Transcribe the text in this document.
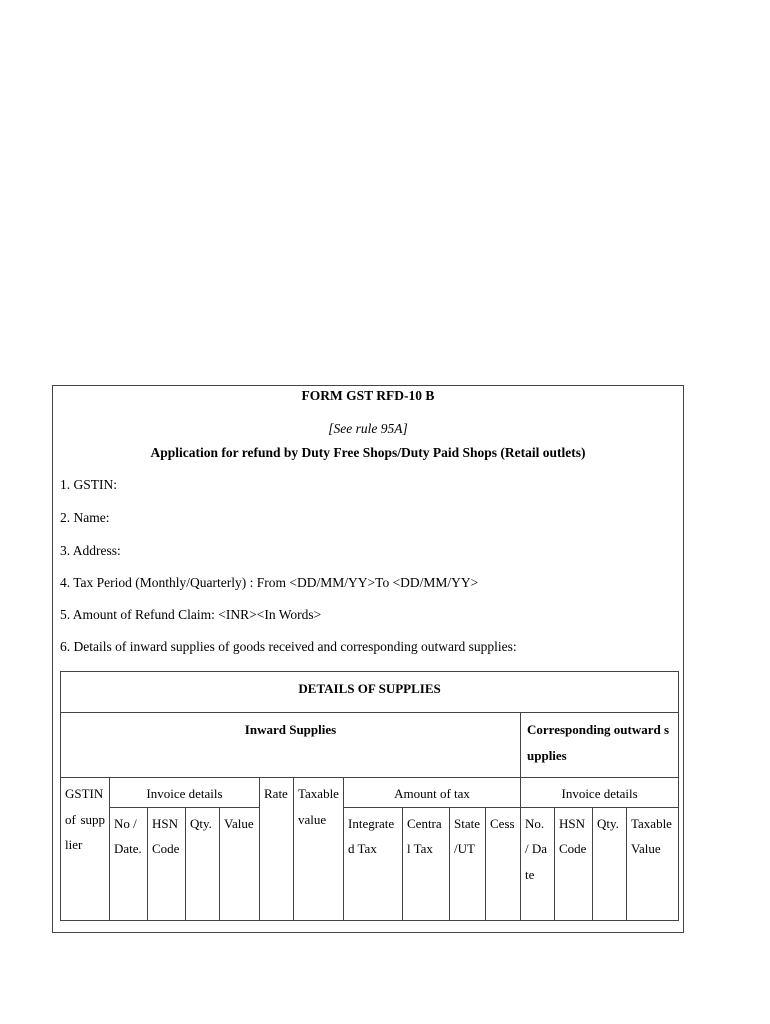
FORM GST RFD-10 B
[See rule 95A]
Application for refund by Duty Free Shops/Duty Paid Shops (Retail outlets)
1. GSTIN:
2. Name:
3. Address:
4. Tax Period (Monthly/Quarterly) : From <DD/MM/YY>To <DD/MM/YY>
5. Amount of Refund Claim: <INR><In Words>
6. Details of inward supplies of goods received and corresponding outward supplies:
DETAILS OF SUPPLIES														
Inward Supplies											Corresponding outward supplies			
GSTIN of supplier	Invoice details				Rate	Taxable value	Amount of tax				Invoice details			
	No / Date.	HSN Code	Qty.	Value			Integrated Tax	Central Tax	State /UT	Cess	No. / Date	HSN Code	Qty.	Taxable Value
